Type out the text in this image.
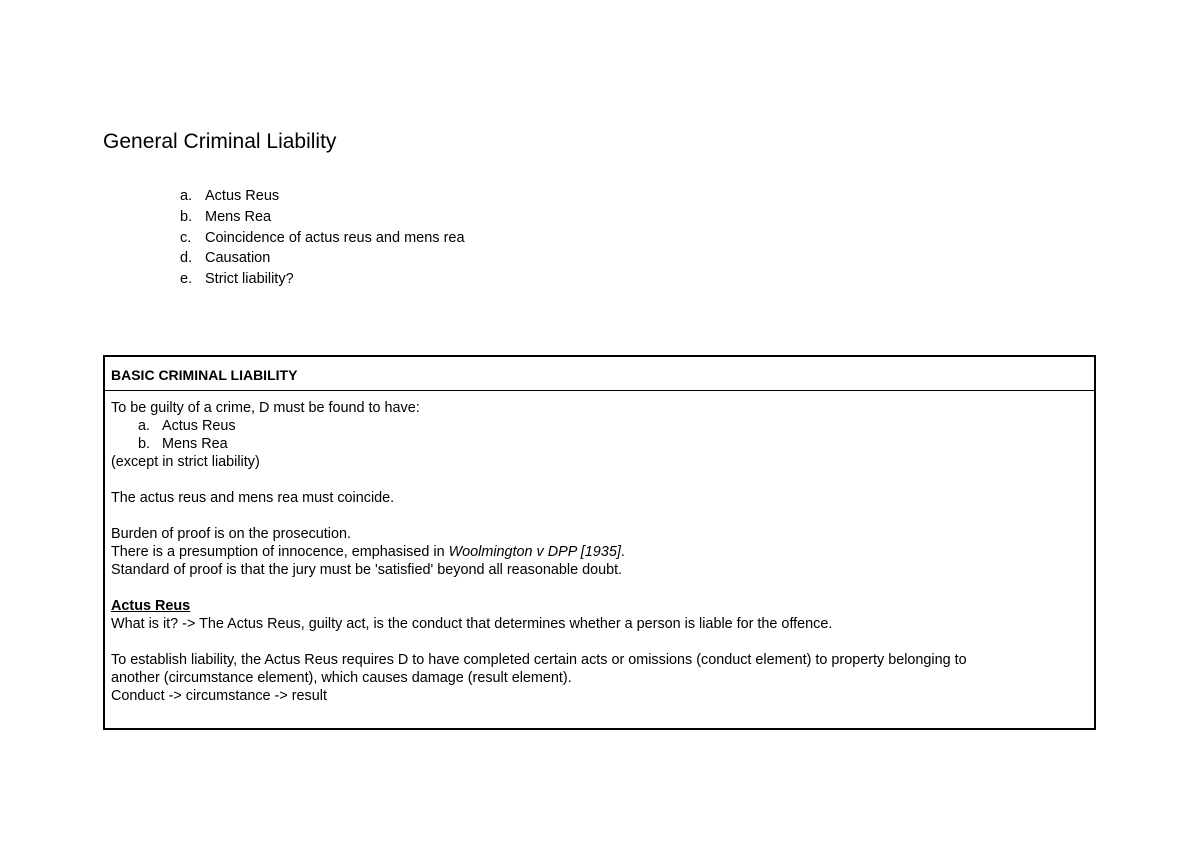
General Criminal Liability
a. Actus Reus
b. Mens Rea
c. Coincidence of actus reus and mens rea
d. Causation
e. Strict liability?
BASIC CRIMINAL LIABILITY

To be guilty of a crime, D must be found to have:

a. Actus Reus
b. Mens Rea

(except in strict liability)

The actus reus and mens rea must coincide.

Burden of proof is on the prosecution.

There is a presumption of innocence, emphasised in Woolmington v DPP [1935].

Standard of proof is that the jury must be 'satisfied' beyond all reasonable doubt.

Actus Reus

What is it? -> The Actus Reus, guilty act, is the conduct that determines whether a person is liable for the offence.

To establish liability, the Actus Reus requires D to have completed certain acts or omissions (conduct element) to property belonging to

another (circumstance element), which causes damage (result element).

Conduct -> circumstance -> result
